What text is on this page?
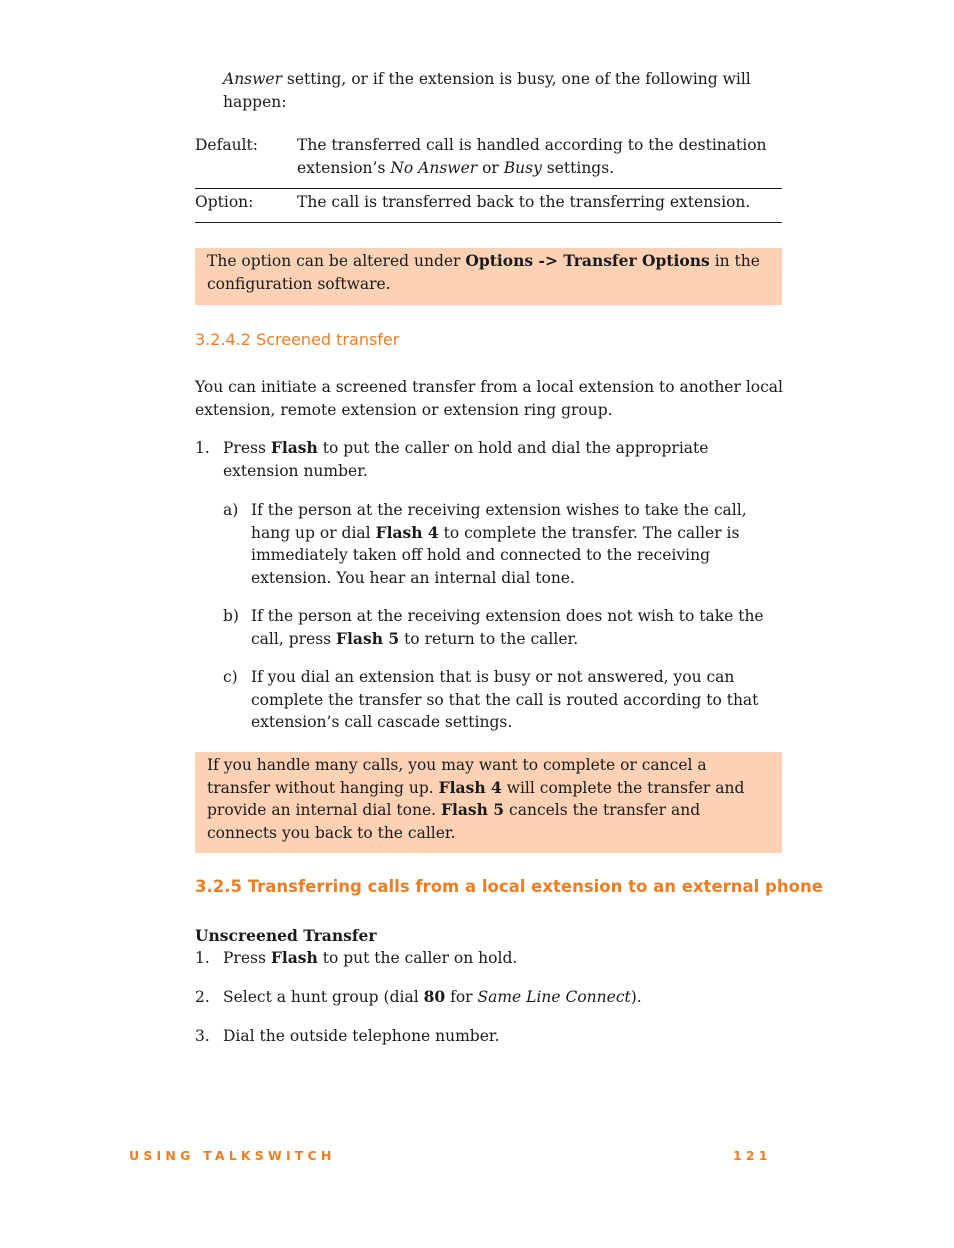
Answer setting, or if the extension is busy, one of the following will happen:
Default:	The transferred call is handled according to the destination extension’s No Answer or Busy settings.
Option:	The call is transferred back to the transferring extension.
The option can be altered under Options -> Transfer Options in the configuration software.
3.2.4.2 Screened transfer
You can initiate a screened transfer from a local extension to another local extension, remote extension or extension ring group.
1. Press Flash to put the caller on hold and dial the appropriate extension number.
a) If the person at the receiving extension wishes to take the call, hang up or dial Flash 4 to complete the transfer. The caller is immediately taken off hold and connected to the receiving extension. You hear an internal dial tone.
b) If the person at the receiving extension does not wish to take the call, press Flash 5 to return to the caller.
c) If you dial an extension that is busy or not answered, you can complete the transfer so that the call is routed according to that extension’s call cascade settings.
If you handle many calls, you may want to complete or cancel a transfer without hanging up. Flash 4 will complete the transfer and provide an internal dial tone. Flash 5 cancels the transfer and connects you back to the caller.
3.2.5 Transferring calls from a local extension to an external phone
Unscreened Transfer
1. Press Flash to put the caller on hold.
2. Select a hunt group (dial 80 for Same Line Connect).
3. Dial the outside telephone number.
USING TALKSWITCH	121
